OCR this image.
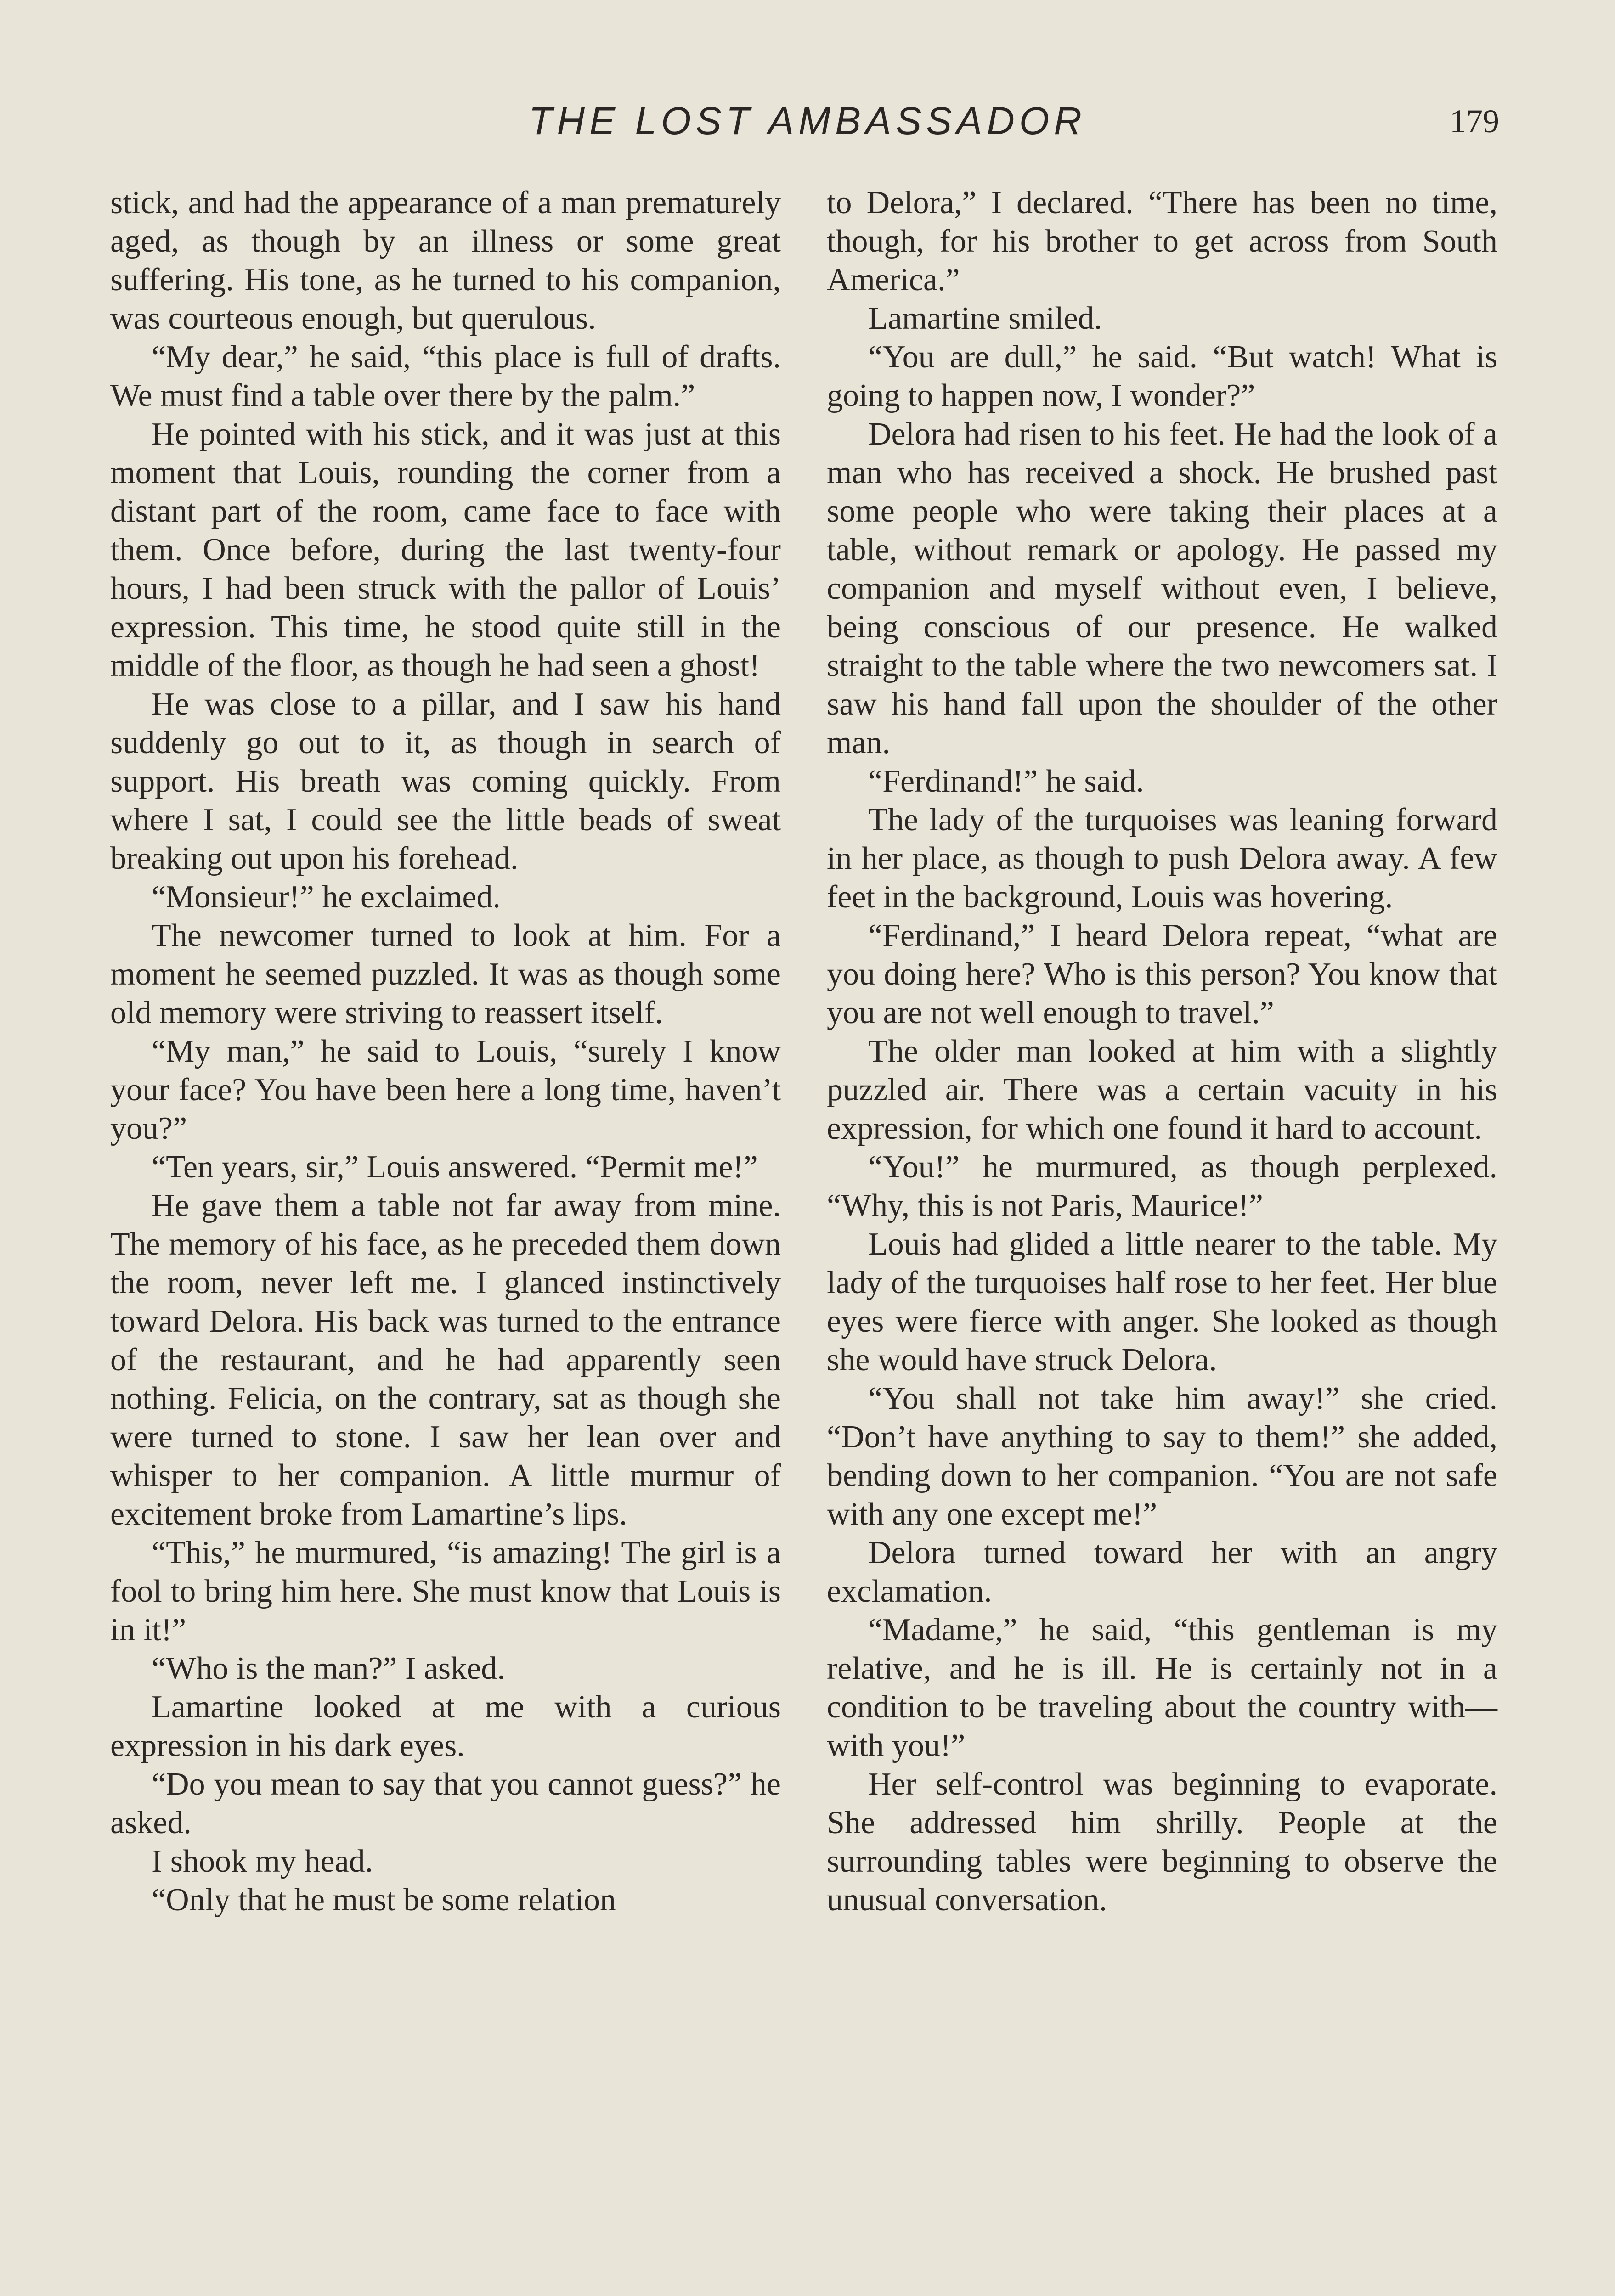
THE LOST AMBASSADOR	179

stick, and had the appearance of a man prematurely aged, as though by an illness or some great suffering. His tone, as he turned to his companion, was courteous enough, but querulous.

“My dear,” he said, “this place is full of drafts. We must find a table over there by the palm.”

He pointed with his stick, and it was just at this moment that Louis, rounding the corner from a distant part of the room, came face to face with them. Once before, during the last twenty-four hours, I had been struck with the pallor of Louis’ expression. This time, he stood quite still in the middle of the floor, as though he had seen a ghost!

He was close to a pillar, and I saw his hand suddenly go out to it, as though in search of support. His breath was coming quickly. From where I sat, I could see the little beads of sweat breaking out upon his forehead.

“Monsieur!” he exclaimed.

The newcomer turned to look at him. For a moment he seemed puzzled. It was as though some old memory were striving to reassert itself.

“My man,” he said to Louis, “surely I know your face? You have been here a long time, haven’t you?”

“Ten years, sir,” Louis answered. “Permit me!”

He gave them a table not far away from mine. The memory of his face, as he preceded them down the room, never left me. I glanced instinctively toward Delora. His back was turned to the entrance of the restaurant, and he had apparently seen nothing. Felicia, on the contrary, sat as though she were turned to stone. I saw her lean over and whisper to her companion. A little murmur of excitement broke from Lamartine’s lips.

“This,” he murmured, “is amazing! The girl is a fool to bring him here. She must know that Louis is in it!”

“Who is the man?” I asked.

Lamartine looked at me with a curious expression in his dark eyes.

“Do you mean to say that you cannot guess?” he asked.

I shook my head.

“Only that he must be some relation

to Delora,” I declared. “There has been no time, though, for his brother to get across from South America.”

Lamartine smiled.

“You are dull,” he said. “But watch! What is going to happen now, I wonder?”

Delora had risen to his feet. He had the look of a man who has received a shock. He brushed past some people who were taking their places at a table, without remark or apology. He passed my companion and myself without even, I believe, being conscious of our presence. He walked straight to the table where the two newcomers sat. I saw his hand fall upon the shoulder of the other man.

“Ferdinand!” he said.

The lady of the turquoises was leaning forward in her place, as though to push Delora away. A few feet in the background, Louis was hovering.

“Ferdinand,” I heard Delora repeat, “what are you doing here? Who is this person? You know that you are not well enough to travel.”

The older man looked at him with a slightly puzzled air. There was a certain vacuity in his expression, for which one found it hard to account.

“You!” he murmured, as though perplexed. “Why, this is not Paris, Maurice!”

Louis had glided a little nearer to the table. My lady of the turquoises half rose to her feet. Her blue eyes were fierce with anger. She looked as though she would have struck Delora.

“You shall not take him away!” she cried. “Don’t have anything to say to them!” she added, bending down to her companion. “You are not safe with any one except me!”

Delora turned toward her with an angry exclamation.

“Madame,” he said, “this gentleman is my relative, and he is ill. He is certainly not in a condition to be traveling about the country with—with you!”

Her self-control was beginning to evaporate. She addressed him shrilly. People at the surrounding tables were beginning to observe the unusual conversation.
